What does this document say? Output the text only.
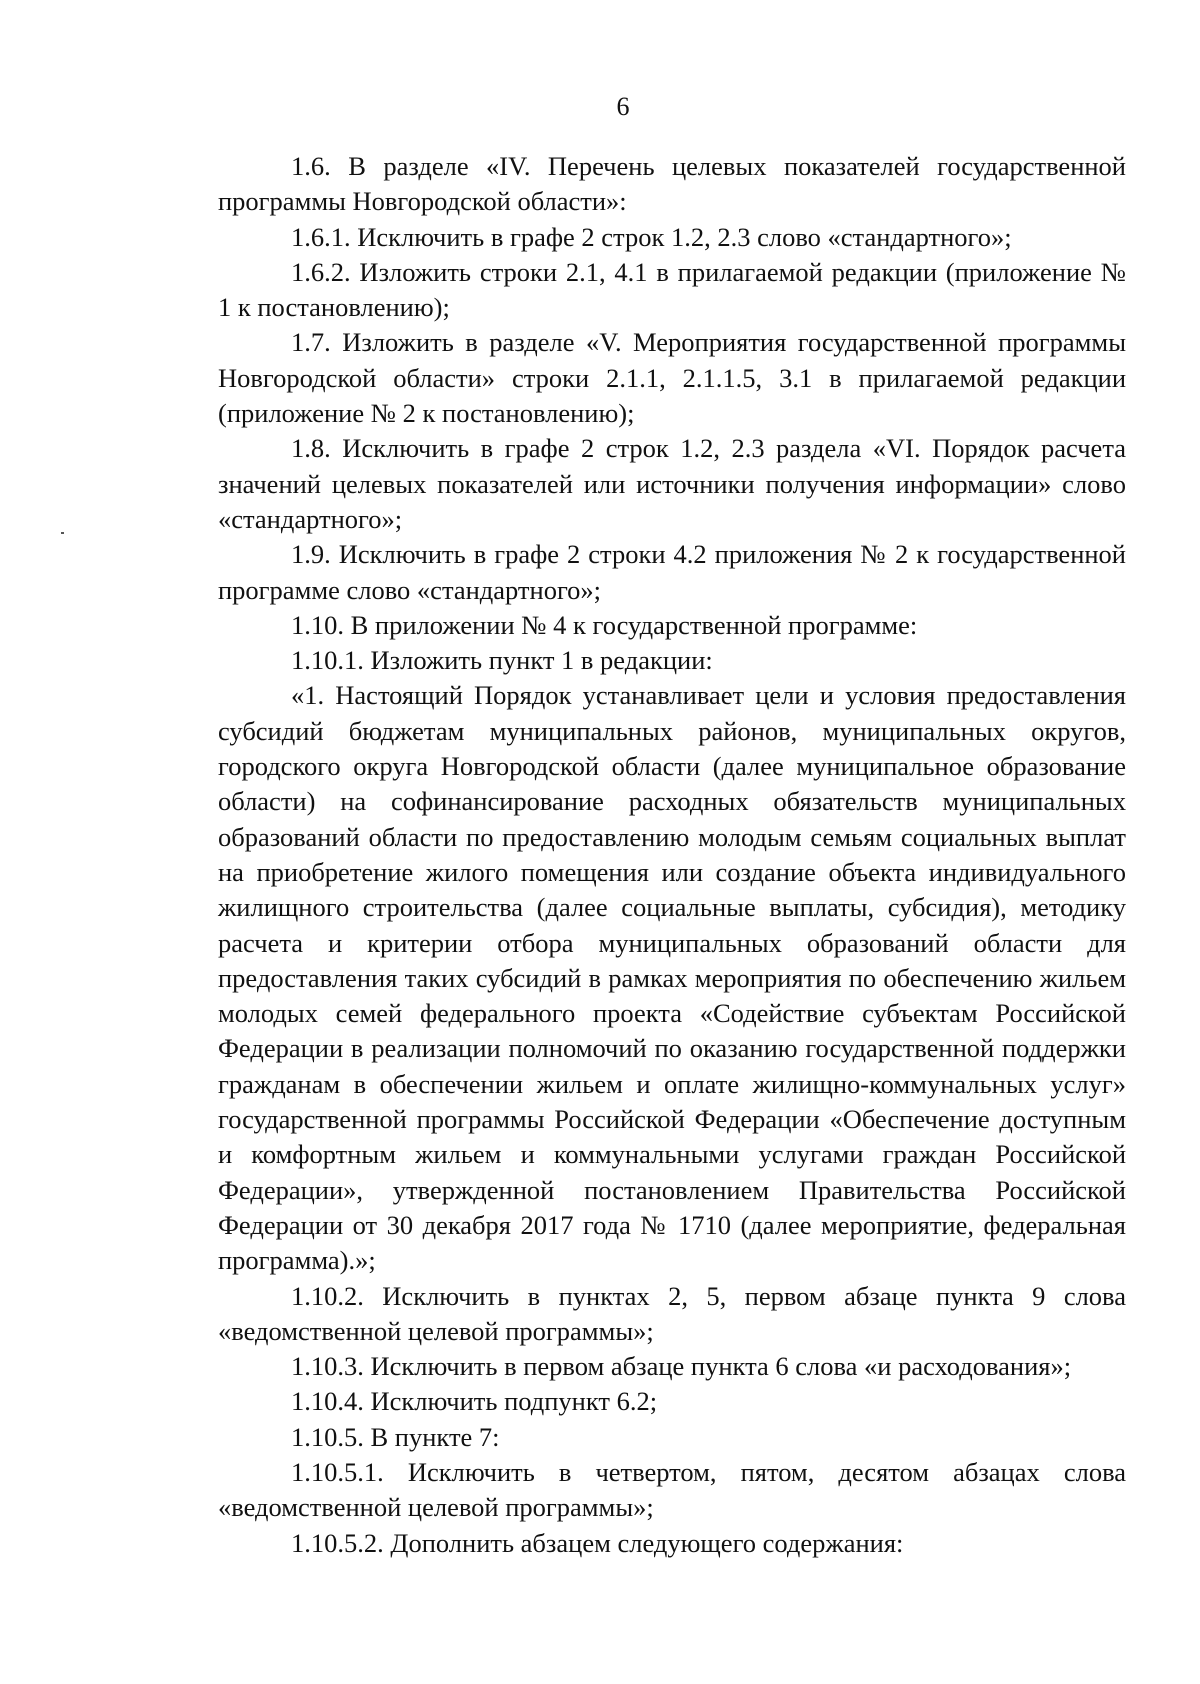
6

1.6. В разделе «IV. Перечень целевых показателей государственной программы Новгородской области»:

1.6.1. Исключить в графе 2 строк 1.2, 2.3 слово «стандартного»;

1.6.2. Изложить строки 2.1, 4.1 в прилагаемой редакции (приложение № 1 к постановлению);

1.7. Изложить в разделе «V. Мероприятия государственной программы Новгородской области» строки 2.1.1, 2.1.1.5, 3.1 в прилагаемой редакции (приложение № 2 к постановлению);

1.8. Исключить в графе 2 строк 1.2, 2.3 раздела «VI. Порядок расчета значений целевых показателей или источники получения информации» слово «стандартного»;

1.9. Исключить в графе 2 строки 4.2 приложения № 2 к государственной программе слово «стандартного»;

1.10. В приложении № 4 к государственной программе:

1.10.1. Изложить пункт 1 в редакции:

«1. Настоящий Порядок устанавливает цели и условия предоставления субсидий бюджетам муниципальных районов, муниципальных округов, городского округа Новгородской области (далее муниципальное образование области) на софинансирование расходных обязательств муниципальных образований области по предоставлению молодым семьям социальных выплат на приобретение жилого помещения или создание объекта индивидуального жилищного строительства (далее социальные выплаты, субсидия), методику расчета и критерии отбора муниципальных образований области для предоставления таких субсидий в рамках мероприятия по обеспечению жильем молодых семей федерального проекта «Содействие субъектам Российской Федерации в реализации полномочий по оказанию государственной поддержки гражданам в обеспечении жильем и оплате жилищно-коммунальных услуг» государственной программы Российской Федерации «Обеспечение доступным и комфортным жильем и коммунальными услугами граждан Российской Федерации», утвержденной постановлением Правительства Российской Федерации от 30 декабря 2017 года № 1710 (далее мероприятие, федеральная программа).»;

1.10.2. Исключить в пунктах 2, 5, первом абзаце пункта 9 слова «ведомственной целевой программы»;

1.10.3. Исключить в первом абзаце пункта 6 слова «и расходования»;

1.10.4. Исключить подпункт 6.2;

1.10.5. В пункте 7:

1.10.5.1. Исключить в четвертом, пятом, десятом абзацах слова «ведомственной целевой программы»;

1.10.5.2. Дополнить абзацем следующего содержания:
